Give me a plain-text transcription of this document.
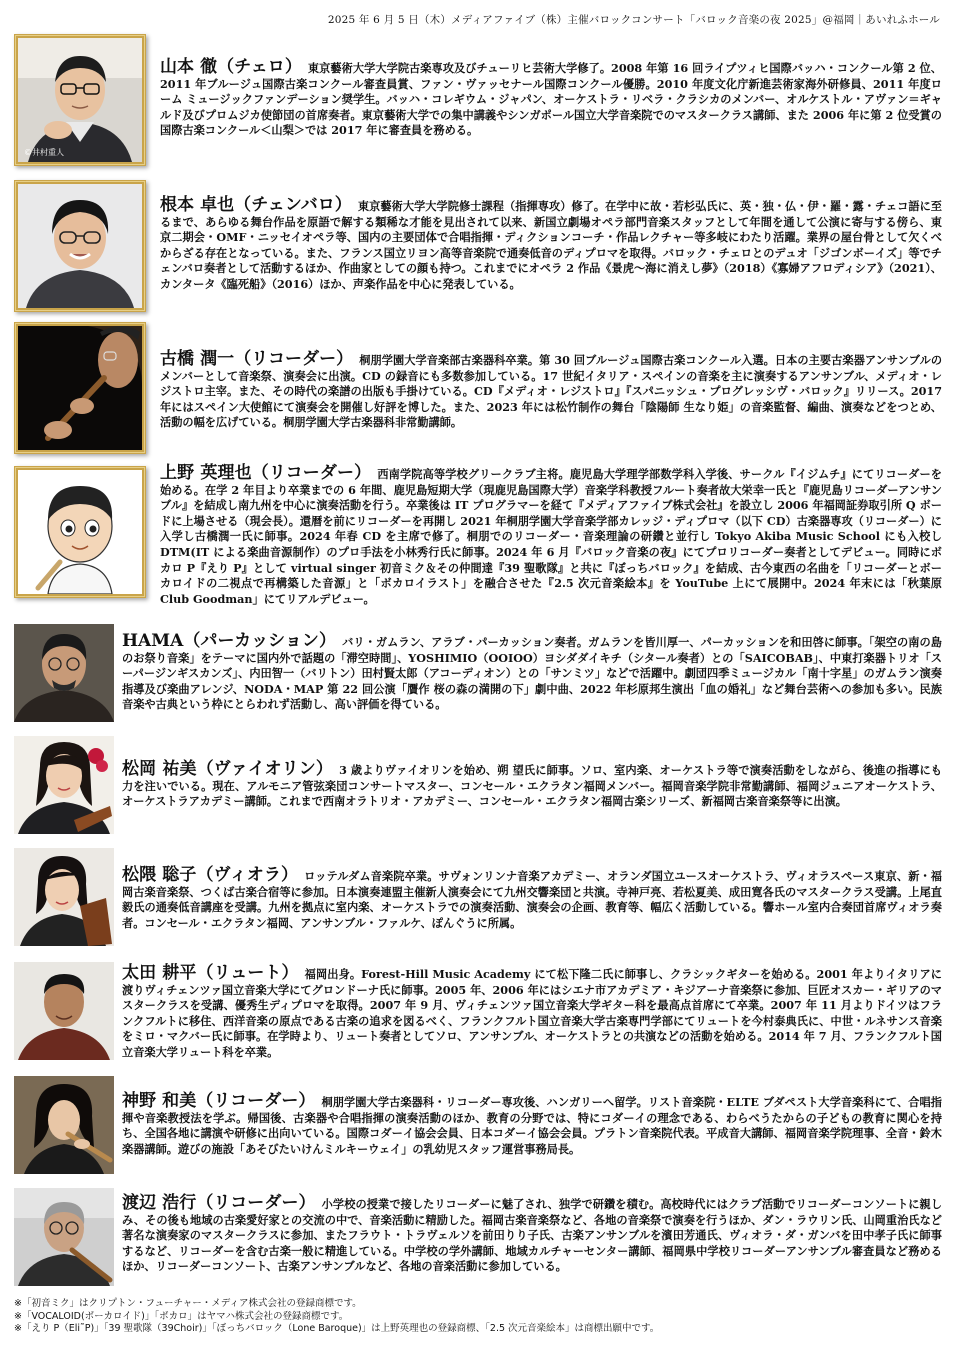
2025 年 6 月 5 日（木）メディアファイブ（株）主催バロックコンサート「バロック音楽の夜 2025」@福岡｜あいれふホール
©井村重人
山本 徹（チェロ） 東京藝術大学大学院古楽専攻及びチューリヒ芸術大学修了。2008 年第 16 回ライプツィヒ国際バッハ・コンクール第 2 位、2011 年ブルージュ国際古楽コンクール審査員賞、ファン・ヴァッセナール国際コンクール優勝。2010 年度文化庁新進芸術家海外研修員、2011 年度ローム ミュージックファンデーション奨学生。バッハ・コレギウム・ジャパン、オーケストラ・リベラ・クラシカのメンバー、オルケストル・アヴァン＝ギャルド及びプロムジカ使節団の首席奏者。東京藝術大学での集中講義やシンガポール国立大学音楽院でのマスタークラス講師、また 2006 年に第 2 位受賞の国際古楽コンクール＜山梨＞では 2017 年に審査員を務める。
根本 卓也（チェンバロ） 東京藝術大学大学院修士課程（指揮専攻）修了。在学中に故・若杉弘氏に、英・独・仏・伊・羅・露・チェコ語に至るまで、あらゆる舞台作品を原語で解する類稀な才能を見出されて以来、新国立劇場オペラ部門音楽スタッフとして年間を通して公演に寄与する傍ら、東京二期会・OMF・ニッセイオペラ等、国内の主要団体で合唱指揮・ディクションコーチ・作品レクチャー等多岐にわたり活躍。業界の屋台骨として欠くべからざる存在となっている。また、フランス国立リヨン高等音楽院で通奏低音のディプロマを取得。バロック・チェロとのデュオ「ジゴンボーイズ」等でチェンバロ奏者として活動するほか、作曲家としての顔も持つ。これまでにオペラ 2 作品《景虎〜海に消えし夢》（2018）《寡婦アフロディシア》（2021）、カンタータ《臨死船》（2016）ほか、声楽作品を中心に発表している。
古橋 潤一（リコーダー） 桐朋学園大学音楽部古楽器科卒業。第 30 回ブルージュ国際古楽コンクール入選。日本の主要古楽器アンサンブルのメンバーとして音楽祭、演奏会に出演。CD の録音にも多数参加している。17 世紀イタリア・スペインの音楽を主に演奏するアンサンブル、メディオ・レジストロ主宰。また、その時代の楽譜の出版も手掛けている。CD『メディオ・レジストロ』『スパニッシュ・プログレッシヴ・バロック』リリース。2017 年にはスペイン大使館にて演奏会を開催し好評を博した。また、2023 年には松竹制作の舞台「陰陽師 生なり姫」の音楽監督、編曲、演奏などをつとめ、活動の幅を広げている。桐朋学園大学古楽器科非常勤講師。
上野 英理也（リコーダー） 西南学院高等学校グリークラブ主将。鹿児島大学理学部数学科入学後、サークル『イジムチ』にてリコーダーを始める。在学 2 年目より卒業までの 6 年間、鹿児島短期大学（現鹿児島国際大学）音楽学科教授フルート奏者故大栄幸一氏と『鹿児島リコーダーアンサンブル』を結成し南九州を中心に演奏活動を行う。卒業後は IT プログラマーを経て『メディアファイブ株式会社』を設立し 2006 年福岡証券取引所 Q ボードに上場させる（現会長）。還暦を前にリコーダーを再開し 2021 年桐朋学園大学音楽学部カレッジ・ディプロマ（以下 CD）古楽器専攻（リコーダー）に入学し古橋潤一氏に師事。2024 年春 CD を主席で修了。桐朋でのリコーダー・音楽理論の研鑽と並行し Tokyo Akiba Music School にも入校し DTM(IT による楽曲音源制作）のプロ手法を小林秀行氏に師事。2024 年 6 月『バロック音楽の夜』にてプロリコーダー奏者としてデビュー。同時にボカロ P『えり P』として virtual singer 初音ミク＆その仲間達『39 聖歌隊』と共に『ぼっちバロック』を結成、古今東西の名曲を「リコーダーとボーカロイドの二視点で再構築した音源」と「ボカロイラスト」を融合させた『2.5 次元音楽絵本』を YouTube 上にて展開中。2024 年末には「秋葉原 Club Goodman」にてリアルデビュー。
HAMA（パーカッション） バリ・ガムラン、アラブ・パーカッション奏者。ガムランを皆川厚一、パーカッションを和田啓に師事。「架空の南の島のお祭り音楽」をテーマに国内外で話題の「滞空時間」、YOSHIMIO（OOIOO）ヨシダダイキチ（シタール奏者）との「SAICOBAB」、中東打楽器トリオ「スーパージンギスカンズ」、内田智一（バリトン）田村賢太郎（アコーディオン）との「サンミツ」などで活躍中。劇団四季ミュージカル「南十字星」のガムラン演奏指導及び楽曲アレンジ、NODA・MAP 第 22 回公演「贋作 桜の森の満開の下」劇中曲、2022 年杉原邦生演出「血の婚礼」など舞台芸術への参加も多い。民族音楽や古典という枠にとらわれず活動し、高い評価を得ている。
松岡 祐美（ヴァイオリン） 3 歳よりヴァイオリンを始め、朔 望氏に師事。ソロ、室内楽、オーケストラ等で演奏活動をしながら、後進の指導にも力を注いでいる。現在、アルモニア管弦楽団コンサートマスター、コンセール・エクラタン福岡メンバー。福岡音楽学院非常勤講師、福岡ジュニアオーケストラ、オーケストラアカデミー講師。これまで西南オラトリオ・アカデミー、コンセール・エクラタン福岡古楽シリーズ、新福岡古楽音楽祭等に出演。
松隈 聡子（ヴィオラ） ロッテルダム音楽院卒業。サヴォンリンナ音楽アカデミー、オランダ国立ユースオーケストラ、ヴィオラスペース東京、新・福岡古楽音楽祭、つくば古楽合宿等に参加。日本演奏連盟主催新人演奏会にて九州交響楽団と共演。寺神戸亮、若松夏美、成田寛各氏のマスタークラス受講。上尾直毅氏の通奏低音講座を受講。九州を拠点に室内楽、オーケストラでの演奏活動、演奏会の企画、教育等、幅広く活動している。響ホール室内合奏団首席ヴィオラ奏者。コンセール・エクラタン福岡、アンサンブル・ファルケ、ぽんぐうに所属。
太田 耕平（リュート） 福岡出身。Forest-Hill Music Academy にて松下隆二氏に師事し、クラシックギターを始める。2001 年よりイタリアに渡りヴィチェンツァ国立音楽大学にてグロンドーナ氏に師事。2005 年、2006 年にはシエナ市アカデミア・キジアーナ音楽祭に参加、巨匠オスカー・ギリアのマスタークラスを受講、優秀生ディプロマを取得。2007 年 9 月、ヴィチェンツァ国立音楽大学ギター科を最高点首席にて卒業。2007 年 11 月よりドイツはフランクフルトに移住、西洋音楽の原点である古楽の追求を図るべく、フランクフルト国立音楽大学古楽専門学部にてリュートを今村泰典氏に、中世・ルネサンス音楽をミロ・マクバー氏に師事。在学時より、リュート奏者としてソロ、アンサンブル、オーケストラとの共演などの活動を始める。2014 年 7 月、フランクフルト国立音楽大学リュート科を卒業。
神野 和美（リコーダー） 桐朋学園大学古楽器科・リコーダー専攻後、ハンガリーへ留学。リスト音楽院・ELTE ブダペスト大学音楽科にて、合唱指揮や音楽教授法を学ぶ。帰国後、古楽器や合唱指揮の演奏活動のほか、教育の分野では、特にコダーイの理念である、わらべうたからの子どもの教育に関心を持ち、全国各地に講演や研修に出向いている。国際コダーイ協会会員、日本コダーイ協会会員。プラトン音楽院代表。平成音大講師、福岡音楽学院理事、全音・鈴木楽器講師。遊びの施設「あそびたいけんミルキーウェイ」の乳幼児スタッフ運営事務局長。
渡辺 浩行（リコーダー） 小学校の授業で接したリコーダーに魅了され、独学で研鑽を積む。高校時代にはクラブ活動でリコーダーコンソートに親しみ、その後も地域の古楽愛好家との交流の中で、音楽活動に精励した。福岡古楽音楽祭など、各地の音楽祭で演奏を行うほか、ダン・ラウリン氏、山岡重治氏など著名な演奏家のマスタークラスに参加、またフラウト・トラヴェルソを前田りり子氏、古楽アンサンブルを濱田芳通氏、ヴィオラ・ダ・ガンバを田中孝子氏に師事するなど、リコーダーを含む古楽一般に精進している。中学校の学外講師、地域カルチャーセンター講師、福岡県中学校リコーダーアンサンブル審査員など務めるほか、リコーダーコンソート、古楽アンサンブルなど、各地の音楽活動に参加している。
※「初音ミク」はクリプトン・フューチャー・メディア株式会社の登録商標です。
※「VOCALOID(ボーカロイド)」「ボカロ」はヤマハ株式会社の登録商標です。
※「えり P（Eli˜P)」「39 聖歌隊（39Choir)」「ぼっちバロック（Lone Baroque)」は上野英理也の登録商標、「2.5 次元音楽絵本」は商標出願中です。
